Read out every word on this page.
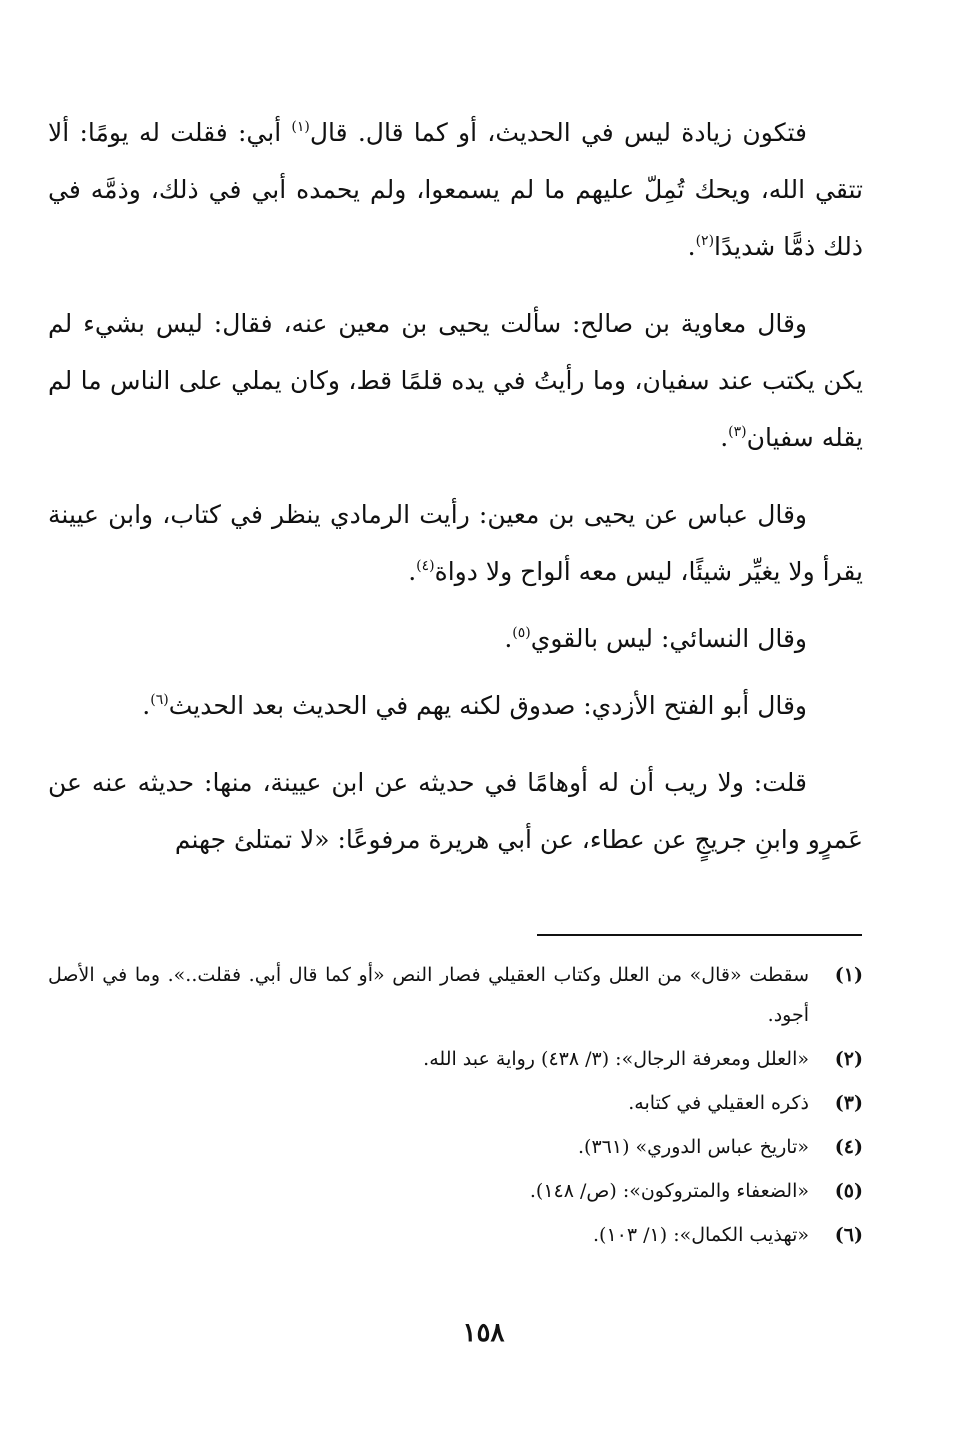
فتكون زيادة ليس في الحديث، أو كما قال. قال$^{(١)}$ أبي: فقلت له يومًا: ألا تتقي الله، ويحك تُمِلّ عليهم ما لم يسمعوا، ولم يحمده أبي في ذلك، وذمَّه في ذلك ذمًّا شديدًا$^{(٢)}$.

وقال معاوية بن صالح: سألت يحيى بن معين عنه، فقال: ليس بشيء لم يكن يكتب عند سفيان، وما رأيتُ في يده قلمًا قط، وكان يملي على الناس ما لم يقله سفيان$^{(٣)}$.

وقال عباس عن يحيى بن معين: رأيت الرمادي ينظر في كتاب، وابن عيينة يقرأ ولا يغيِّر شيئًا، ليس معه ألواح ولا دواة$^{(٤)}$.

وقال النسائي: ليس بالقوي$^{(٥)}$.

وقال أبو الفتح الأزدي: صدوق لكنه يهم في الحديث بعد الحديث$^{(٦)}$.

قلت: ولا ريب أن له أوهامًا في حديثه عن ابن عيينة، منها: حديثه عنه عن عَمرٍو وابنِ جريجٍ عن عطاء، عن أبي هريرة مرفوعًا: «لا تمتلئ جهنم

(١)
سقطت «قال» من العلل وكتاب العقيلي فصار النص «أو كما قال أبي. فقلت..». وما في الأصل أجود.
(٢)
«العلل ومعرفة الرجال»: (٣/ ٤٣٨) رواية عبد الله.
(٣)
ذكره العقيلي في كتابه.
(٤)
«تاريخ عباس الدوري» (٣٦١).
(٥)
«الضعفاء والمتروكون»: (ص/ ١٤٨).
(٦)
«تهذيب الكمال»: (١/ ١٠٣).
١٥٨
